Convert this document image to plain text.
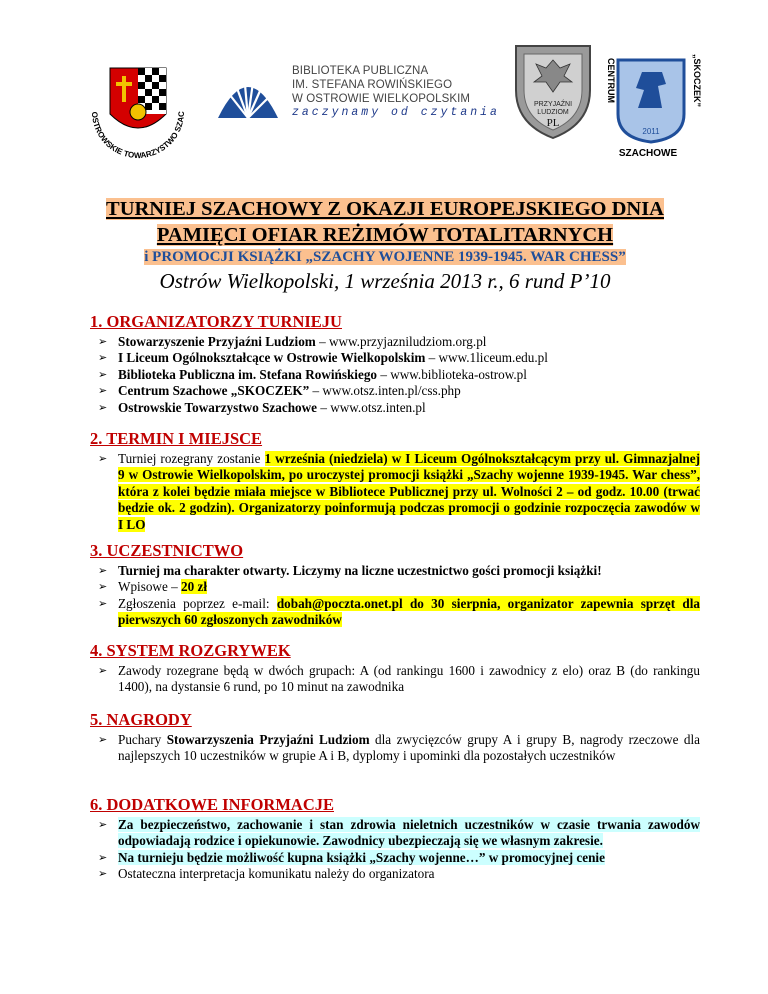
OSTROWSKIE TOWARZYSTWO SZAC
BIBLIOTEKA PUBLICZNA
IM. STEFANA ROWIŃSKIEGO
W OSTROWIE WIELKOPOLSKIM
zaczynamy od czytania
PRZYJAŹNI
LUDZIOM
PL
CENTRUM	„SKOCZEK”
2011
SZACHOWE
TURNIEJ SZACHOWY Z OKAZJI EUROPEJSKIEGO DNIA
PAMIĘCI OFIAR REŻIMÓW TOTALITARNYCH
i PROMOCJI KSIĄŻKI „SZACHY WOJENNE 1939-1945. WAR CHESS”
Ostrów Wielkopolski, 1 września 2013 r., 6 rund P’10
1. ORGANIZATORZY TURNIEJU
➢ Stowarzyszenie Przyjaźni Ludziom – www.przyjazniludziom.org.pl
➢ I Liceum Ogólnokształcące w Ostrowie Wielkopolskim – www.1liceum.edu.pl
➢ Biblioteka Publiczna im. Stefana Rowińskiego – www.biblioteka-ostrow.pl
➢ Centrum Szachowe „SKOCZEK” – www.otsz.inten.pl/css.php
➢ Ostrowskie Towarzystwo Szachowe – www.otsz.inten.pl
2. TERMIN I MIEJSCE
➢ Turniej rozegrany zostanie 1 września (niedziela) w I Liceum Ogólnokształcącym przy ul. Gimnazjalnej 9 w Ostrowie Wielkopolskim, po uroczystej promocji książki „Szachy wojenne 1939-1945. War chess”, która z kolei będzie miała miejsce w Bibliotece Publicznej przy ul. Wolności 2 – od godz. 10.00 (trwać będzie ok. 2 godzin). Organizatorzy poinformują podczas promocji o godzinie rozpoczęcia zawodów w I LO
3. UCZESTNICTWO
➢ Turniej ma charakter otwarty. Liczymy na liczne uczestnictwo gości promocji książki!
➢ Wpisowe – 20 zł
➢ Zgłoszenia poprzez e-mail: dobah@poczta.onet.pl do 30 sierpnia, organizator zapewnia sprzęt dla pierwszych 60 zgłoszonych zawodników
4. SYSTEM ROZGRYWEK
➢ Zawody rozegrane będą w dwóch grupach: A (od rankingu 1600 i zawodnicy z elo) oraz B (do rankingu 1400), na dystansie 6 rund, po 10 minut na zawodnika
5. NAGRODY
➢ Puchary Stowarzyszenia Przyjaźni Ludziom dla zwycięzców grupy A i grupy B, nagrody rzeczowe dla najlepszych 10 uczestników w grupie A i B, dyplomy i upominki dla pozostałych uczestników
6. DODATKOWE INFORMACJE
➢ Za bezpieczeństwo, zachowanie i stan zdrowia nieletnich uczestników w czasie trwania zawodów odpowiadają rodzice i opiekunowie. Zawodnicy ubezpieczają się we własnym zakresie.
➢ Na turnieju będzie możliwość kupna książki „Szachy wojenne…” w promocyjnej cenie
➢ Ostateczna interpretacja komunikatu należy do organizatora
